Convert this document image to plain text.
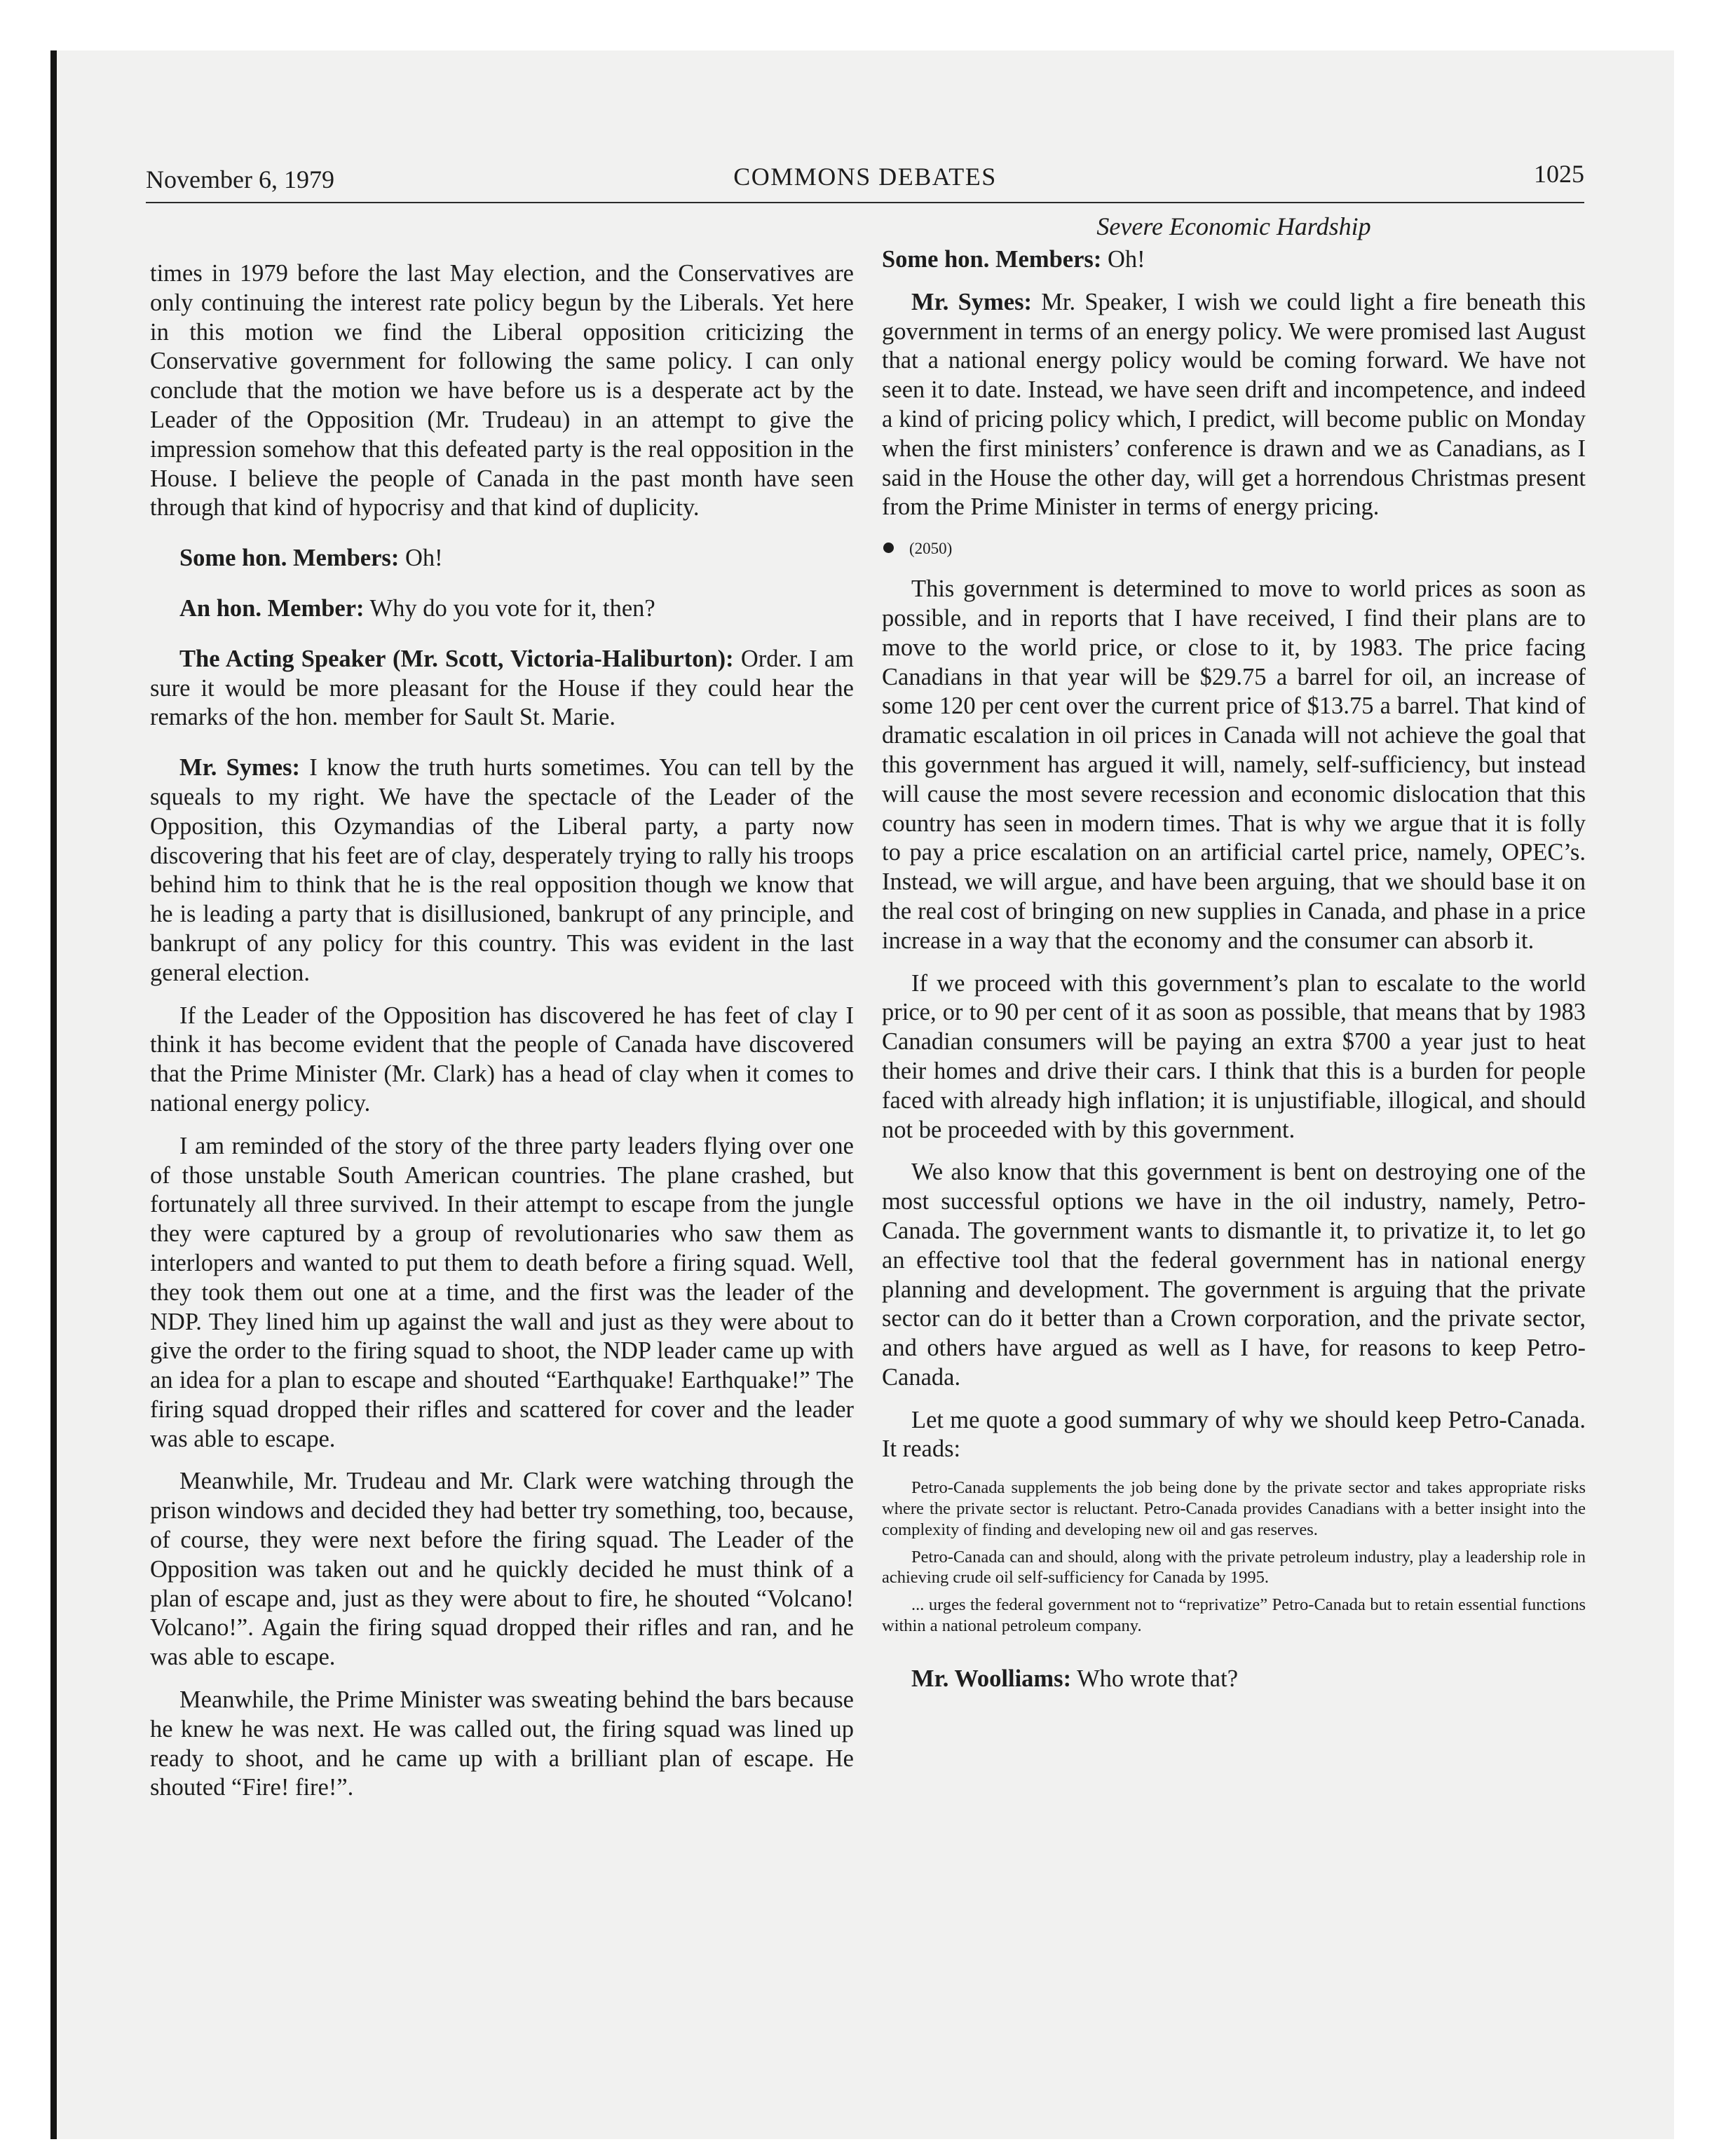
November 6, 1979	COMMONS DEBATES	1025

times in 1979 before the last May election, and the Conservatives are only continuing the interest rate policy begun by the Liberals. Yet here in this motion we find the Liberal opposition criticizing the Conservative government for following the same policy. I can only conclude that the motion we have before us is a desperate act by the Leader of the Opposition (Mr. Trudeau) in an attempt to give the impression somehow that this defeated party is the real opposition in the House. I believe the people of Canada in the past month have seen through that kind of hypocrisy and that kind of duplicity.

Some hon. Members: Oh!

An hon. Member: Why do you vote for it, then?

The Acting Speaker (Mr. Scott, Victoria-Haliburton): Order. I am sure it would be more pleasant for the House if they could hear the remarks of the hon. member for Sault St. Marie.

Mr. Symes: I know the truth hurts sometimes. You can tell by the squeals to my right. We have the spectacle of the Leader of the Opposition, this Ozymandias of the Liberal party, a party now discovering that his feet are of clay, desperately trying to rally his troops behind him to think that he is the real opposition though we know that he is leading a party that is disillusioned, bankrupt of any principle, and bankrupt of any policy for this country. This was evident in the last general election.

If the Leader of the Opposition has discovered he has feet of clay I think it has become evident that the people of Canada have discovered that the Prime Minister (Mr. Clark) has a head of clay when it comes to national energy policy.

I am reminded of the story of the three party leaders flying over one of those unstable South American countries. The plane crashed, but fortunately all three survived. In their attempt to escape from the jungle they were captured by a group of revolutionaries who saw them as interlopers and wanted to put them to death before a firing squad. Well, they took them out one at a time, and the first was the leader of the NDP. They lined him up against the wall and just as they were about to give the order to the firing squad to shoot, the NDP leader came up with an idea for a plan to escape and shouted “Earthquake! Earthquake!” The firing squad dropped their rifles and scattered for cover and the leader was able to escape.

Meanwhile, Mr. Trudeau and Mr. Clark were watching through the prison windows and decided they had better try something, too, because, of course, they were next before the firing squad. The Leader of the Opposition was taken out and he quickly decided he must think of a plan of escape and, just as they were about to fire, he shouted “Volcano! Volcano!”. Again the firing squad dropped their rifles and ran, and he was able to escape.

Meanwhile, the Prime Minister was sweating behind the bars because he knew he was next. He was called out, the firing squad was lined up ready to shoot, and he came up with a brilliant plan of escape. He shouted “Fire! fire!”.

Severe Economic Hardship

Some hon. Members: Oh!

Mr. Symes: Mr. Speaker, I wish we could light a fire beneath this government in terms of an energy policy. We were promised last August that a national energy policy would be coming forward. We have not seen it to date. Instead, we have seen drift and incompetence, and indeed a kind of pricing policy which, I predict, will become public on Monday when the first ministers’ conference is drawn and we as Canadians, as I said in the House the other day, will get a horrendous Christmas present from the Prime Minister in terms of energy pricing.

(2050)

This government is determined to move to world prices as soon as possible, and in reports that I have received, I find their plans are to move to the world price, or close to it, by 1983. The price facing Canadians in that year will be $29.75 a barrel for oil, an increase of some 120 per cent over the current price of $13.75 a barrel. That kind of dramatic escalation in oil prices in Canada will not achieve the goal that this government has argued it will, namely, self-sufficiency, but instead will cause the most severe recession and economic dislocation that this country has seen in modern times. That is why we argue that it is folly to pay a price escalation on an artificial cartel price, namely, OPEC’s. Instead, we will argue, and have been arguing, that we should base it on the real cost of bringing on new supplies in Canada, and phase in a price increase in a way that the economy and the consumer can absorb it.

If we proceed with this government’s plan to escalate to the world price, or to 90 per cent of it as soon as possible, that means that by 1983 Canadian consumers will be paying an extra $700 a year just to heat their homes and drive their cars. I think that this is a burden for people faced with already high inflation; it is unjustifiable, illogical, and should not be proceeded with by this government.

We also know that this government is bent on destroying one of the most successful options we have in the oil industry, namely, Petro-Canada. The government wants to dismantle it, to privatize it, to let go an effective tool that the federal government has in national energy planning and development. The government is arguing that the private sector can do it better than a Crown corporation, and the private sector, and others have argued as well as I have, for reasons to keep Petro-Canada.

Let me quote a good summary of why we should keep Petro-Canada. It reads:

Petro-Canada supplements the job being done by the private sector and takes appropriate risks where the private sector is reluctant. Petro-Canada provides Canadians with a better insight into the complexity of finding and developing new oil and gas reserves.

Petro-Canada can and should, along with the private petroleum industry, play a leadership role in achieving crude oil self-sufficiency for Canada by 1995.

... urges the federal government not to “reprivatize” Petro-Canada but to retain essential functions within a national petroleum company.

Mr. Woolliams: Who wrote that?
